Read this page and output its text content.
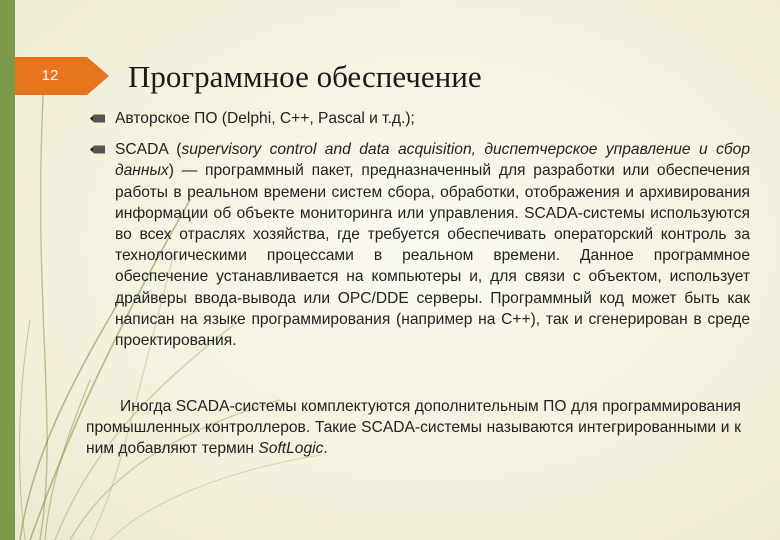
12	Программное обеспечение
Авторское ПО (Delphi, C++, Pascal и т.д.);
SCADA (supervisory control and data acquisition, диспетчерское управление и сбор данных) — программный пакет, предназначенный для разработки или обеспечения работы в реальном времени систем сбора, обработки, отображения и архивирования информации об объекте мониторинга или управления. SCADA-системы используются во всех отраслях хозяйства, где требуется обеспечивать операторский контроль за технологическими процессами в реальном времени. Данное программное обеспечение устанавливается на компьютеры и, для связи с объектом, использует драйверы ввода-вывода или OPC/DDE серверы. Программный код может быть как написан на языке программирования (например на C++), так и сгенерирован в среде проектирования.
Иногда SCADA-системы комплектуются дополнительным ПО для программирования промышленных контроллеров. Такие SCADA-системы называются интегрированными и к ним добавляют термин SoftLogic.
